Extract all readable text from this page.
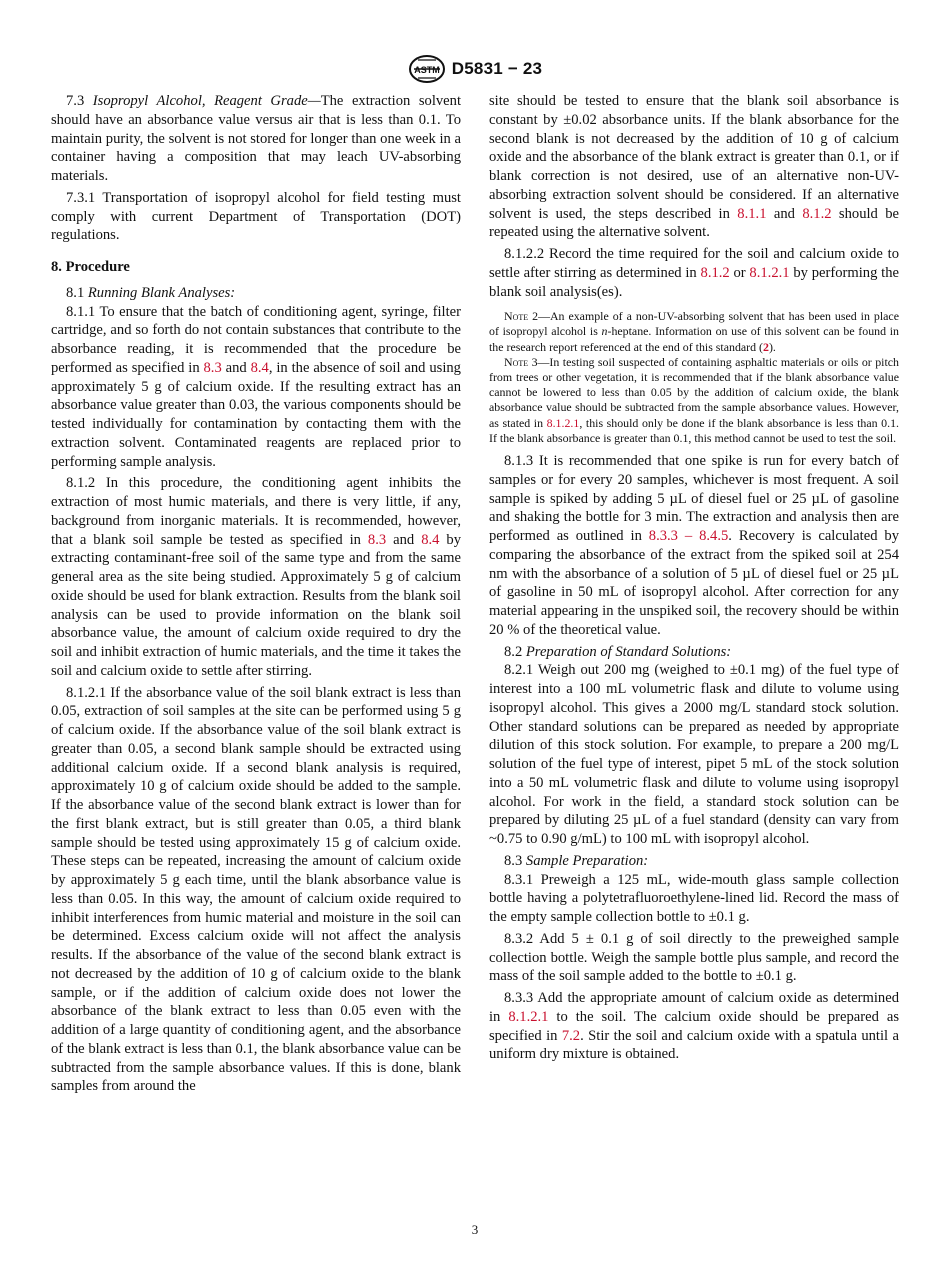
ASTM D5831 − 23

7.3 Isopropyl Alcohol, Reagent Grade—The extraction solvent should have an absorbance value versus air that is less than 0.1. To maintain purity, the solvent is not stored for longer than one week in a container having a composition that may leach UV-absorbing materials.

7.3.1 Transportation of isopropyl alcohol for field testing must comply with current Department of Transportation (DOT) regulations.

8. Procedure

8.1 Running Blank Analyses:

8.1.1 To ensure that the batch of conditioning agent, syringe, filter cartridge, and so forth do not contain substances that contribute to the absorbance reading, it is recommended that the procedure be performed as specified in 8.3 and 8.4, in the absence of soil and using approximately 5 g of calcium oxide. If the resulting extract has an absorbance value greater than 0.03, the various components should be tested individually for contamination by contacting them with the extraction solvent. Contaminated reagents are replaced prior to performing sample analysis.

8.1.2 In this procedure, the conditioning agent inhibits the extraction of most humic materials, and there is very little, if any, background from inorganic materials. It is recommended, however, that a blank soil sample be tested as specified in 8.3 and 8.4 by extracting contaminant-free soil of the same type and from the same general area as the site being studied. Approximately 5 g of calcium oxide should be used for blank extraction. Results from the blank soil analysis can be used to provide information on the blank soil absorbance value, the amount of calcium oxide required to dry the soil and inhibit extraction of humic materials, and the time it takes the soil and calcium oxide to settle after stirring.

8.1.2.1 If the absorbance value of the soil blank extract is less than 0.05, extraction of soil samples at the site can be performed using 5 g of calcium oxide. If the absorbance value of the soil blank extract is greater than 0.05, a second blank sample should be extracted using additional calcium oxide. If a second blank analysis is required, approximately 10 g of calcium oxide should be added to the sample. If the absorbance value of the second blank extract is lower than for the first blank extract, but is still greater than 0.05, a third blank sample should be tested using approximately 15 g of calcium oxide. These steps can be repeated, increasing the amount of calcium oxide by approximately 5 g each time, until the blank absorbance value is less than 0.05. In this way, the amount of calcium oxide required to inhibit interferences from humic material and moisture in the soil can be determined. Excess calcium oxide will not affect the analysis results. If the absorbance of the value of the second blank extract is not decreased by the addition of 10 g of calcium oxide to the blank sample, or if the addition of calcium oxide does not lower the absorbance of the blank extract to less than 0.05 even with the addition of a large quantity of conditioning agent, and the absorbance of the blank extract is less than 0.1, the blank absorbance value can be subtracted from the sample absorbance values. If this is done, blank samples from around the

site should be tested to ensure that the blank soil absorbance is constant by ±0.02 absorbance units. If the blank absorbance for the second blank is not decreased by the addition of 10 g of calcium oxide and the absorbance of the blank extract is greater than 0.1, or if blank correction is not desired, use of an alternative non-UV-absorbing extraction solvent should be considered. If an alternative solvent is used, the steps described in 8.1.1 and 8.1.2 should be repeated using the alternative solvent.

8.1.2.2 Record the time required for the soil and calcium oxide to settle after stirring as determined in 8.1.2 or 8.1.2.1 by performing the blank soil analysis(es).

Note 2—An example of a non-UV-absorbing solvent that has been used in place of isopropyl alcohol is n-heptane. Information on use of this solvent can be found in the research report referenced at the end of this standard (2).

Note 3—In testing soil suspected of containing asphaltic materials or oils or pitch from trees or other vegetation, it is recommended that if the blank absorbance value cannot be lowered to less than 0.05 by the addition of calcium oxide, the blank absorbance value should be subtracted from the sample absorbance values. However, as stated in 8.1.2.1, this should only be done if the blank absorbance is less than 0.1. If the blank absorbance is greater than 0.1, this method cannot be used to test the soil.

8.1.3 It is recommended that one spike is run for every batch of samples or for every 20 samples, whichever is most frequent. A soil sample is spiked by adding 5 µL of diesel fuel or 25 µL of gasoline and shaking the bottle for 3 min. The extraction and analysis then are performed as outlined in 8.3.3 – 8.4.5. Recovery is calculated by comparing the absorbance of the extract from the spiked soil at 254 nm with the absorbance of a solution of 5 µL of diesel fuel or 25 µL of gasoline in 50 mL of isopropyl alcohol. After correction for any material appearing in the unspiked soil, the recovery should be within 20 % of the theoretical value.

8.2 Preparation of Standard Solutions:

8.2.1 Weigh out 200 mg (weighed to ±0.1 mg) of the fuel type of interest into a 100 mL volumetric flask and dilute to volume using isopropyl alcohol. This gives a 2000 mg/L standard stock solution. Other standard solutions can be prepared as needed by appropriate dilution of this stock solution. For example, to prepare a 200 mg/L solution of the fuel type of interest, pipet 5 mL of the stock solution into a 50 mL volumetric flask and dilute to volume using isopropyl alcohol. For work in the field, a standard stock solution can be prepared by diluting 25 µL of a fuel standard (density can vary from ~0.75 to 0.90 g/mL) to 100 mL with isopropyl alcohol.

8.3 Sample Preparation:

8.3.1 Preweigh a 125 mL, wide-mouth glass sample collection bottle having a polytetrafluoroethylene-lined lid. Record the mass of the empty sample collection bottle to ±0.1 g.

8.3.2 Add 5 ± 0.1 g of soil directly to the preweighed sample collection bottle. Weigh the sample bottle plus sample, and record the mass of the soil sample added to the bottle to ±0.1 g.

8.3.3 Add the appropriate amount of calcium oxide as determined in 8.1.2.1 to the soil. The calcium oxide should be prepared as specified in 7.2. Stir the soil and calcium oxide with a spatula until a uniform dry mixture is obtained.

3
